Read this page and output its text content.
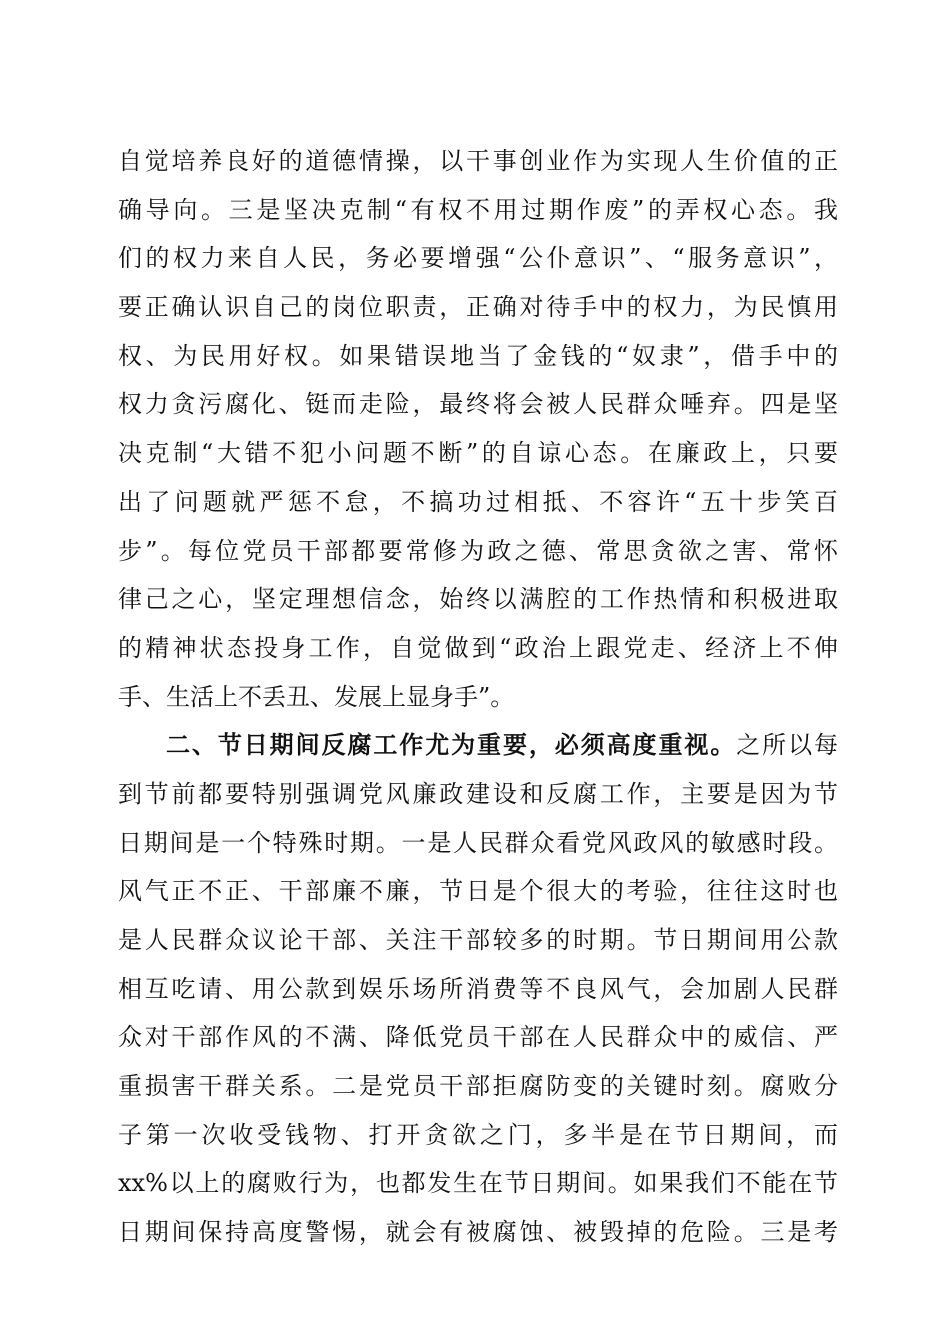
自觉培养良好的道德情操，以干事创业作为实现人生价值的正
确导向。三是坚决克制“有权不用过期作废”的弄权心态。我
们的权力来自人民，务必要增强“公仆意识”、“服务意识”，
要正确认识自己的岗位职责，正确对待手中的权力，为民慎用
权、为民用好权。如果错误地当了金钱的“奴隶”，借手中的
权力贪污腐化、铤而走险，最终将会被人民群众唾弃。四是坚
决克制“大错不犯小问题不断”的自谅心态。在廉政上，只要
出了问题就严惩不怠，不搞功过相抵、不容许“五十步笑百
步”。每位党员干部都要常修为政之德、常思贪欲之害、常怀
律己之心，坚定理想信念，始终以满腔的工作热情和积极进取
的精神状态投身工作，自觉做到“政治上跟党走、经济上不伸
手、生活上不丢丑、发展上显身手”。
二、节日期间反腐工作尤为重要，必须高度重视。之所以每
到节前都要特别强调党风廉政建设和反腐工作，主要是因为节
日期间是一个特殊时期。一是人民群众看党风政风的敏感时段。
风气正不正、干部廉不廉，节日是个很大的考验，往往这时也
是人民群众议论干部、关注干部较多的时期。节日期间用公款
相互吃请、用公款到娱乐场所消费等不良风气，会加剧人民群
众对干部作风的不满、降低党员干部在人民群众中的威信、严
重损害干群关系。二是党员干部拒腐防变的关键时刻。腐败分
子第一次收受钱物、打开贪欲之门，多半是在节日期间，而
xx%以上的腐败行为，也都发生在节日期间。如果我们不能在节
日期间保持高度警惕，就会有被腐蚀、被毁掉的危险。三是考
